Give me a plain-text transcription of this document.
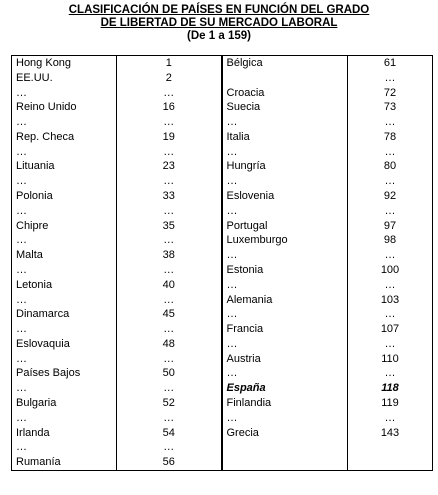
CLASIFICACIÓN DE PAÍSES EN FUNCIÓN DEL GRADO
DE LIBERTAD DE SU MERCADO LABORAL
(De 1 a 159)
Hong Kong	1	Bélgica	61
EE.UU.	2		…
…	…	Croacia	72
Reino Unido	16	Suecia	73
…	…	…	…
Rep. Checa	19	Italia	78
…	…	…	…
Lituania	23	Hungría	80
…	…	…	…
Polonia	33	Eslovenia	92
…	…	…	…
Chipre	35	Portugal	97
…	…	Luxemburgo	98
Malta	38	…	…
…	…	Estonia	100
Letonia	40	…	…
…	…	Alemania	103
Dinamarca	45	…	…
…	…	Francia	107
Eslovaquia	48	…	…
…	…	Austria	110
Países Bajos	50	…	…
…	…	España	118
Bulgaria	52	Finlandia	119
…	…	…	…
Irlanda	54	Grecia	143
…	…		
Rumanía	56		
